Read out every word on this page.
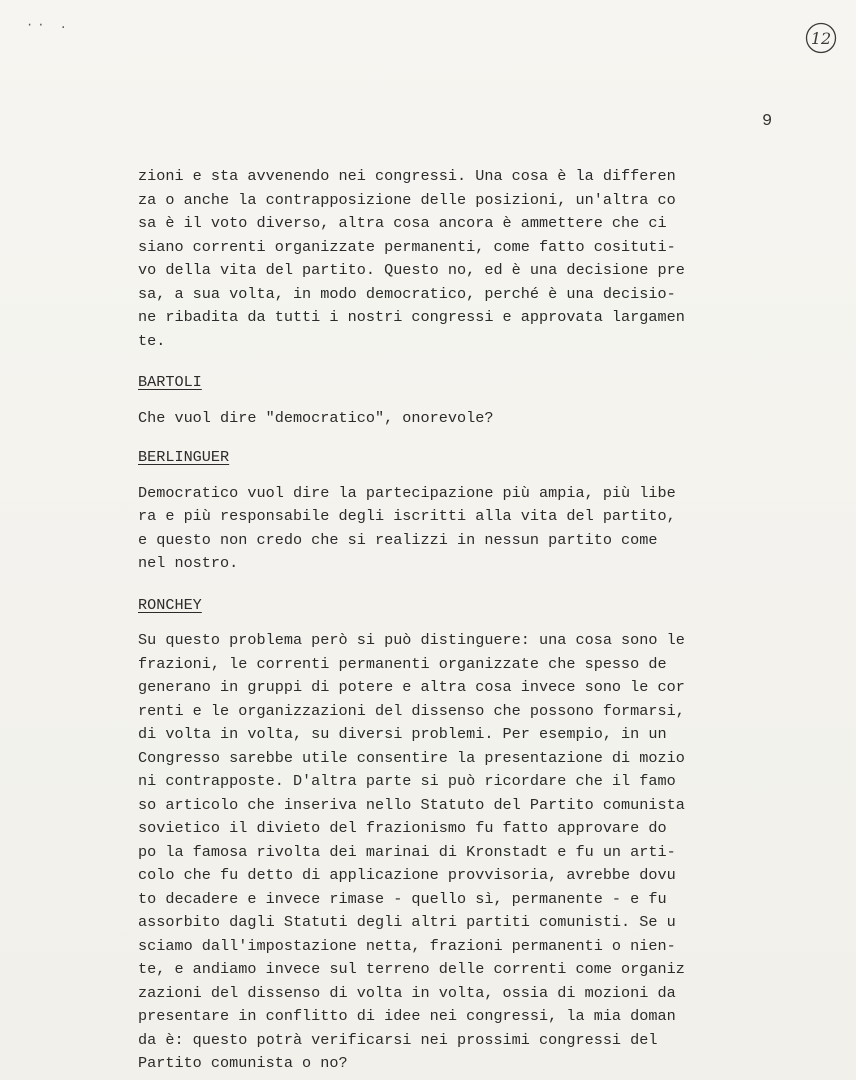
·· .
12
9

zioni e sta avvenendo nei congressi. Una cosa è la differen
za o anche la contrapposizione delle posizioni, un'altra co
sa è il voto diverso, altra cosa ancora è ammettere che ci
siano correnti organizzate permanenti, come fatto cosituti-
vo della vita del partito. Questo no, ed è una decisione pre
sa, a sua volta, in modo democratico, perché è una decisio-
ne ribadita da tutti i nostri congressi e approvata largamen
te.

BARTOLI

Che vuol dire "democratico", onorevole?

BERLINGUER

Democratico vuol dire la partecipazione più ampia, più libe
ra e più responsabile degli iscritti alla vita del partito,
e questo non credo che si realizzi in nessun partito come
nel nostro.

RONCHEY

Su questo problema però si può distinguere: una cosa sono le
frazioni, le correnti permanenti organizzate che spesso de
generano in gruppi di potere e altra cosa invece sono le cor
renti e le organizzazioni del dissenso che possono formarsi,
di volta in volta, su diversi problemi. Per esempio, in un
Congresso sarebbe utile consentire la presentazione di mozio
ni contrapposte. D'altra parte si può ricordare che il famo
so articolo che inseriva nello Statuto del Partito comunista
sovietico il divieto del frazionismo fu fatto approvare do
po la famosa rivolta dei marinai di Kronstadt e fu un arti-
colo che fu detto di applicazione provvisoria, avrebbe dovu
to decadere e invece rimase - quello sì, permanente - e fu
assorbito dagli Statuti degli altri partiti comunisti. Se u
sciamo dall'impostazione netta, frazioni permanenti o nien-
te, e andiamo invece sul terreno delle correnti come organiz
zazioni del dissenso di volta in volta, ossia di mozioni da
presentare in conflitto di idee nei congressi, la mia doman
da è: questo potrà verificarsi nei prossimi congressi del
Partito comunista o no?
